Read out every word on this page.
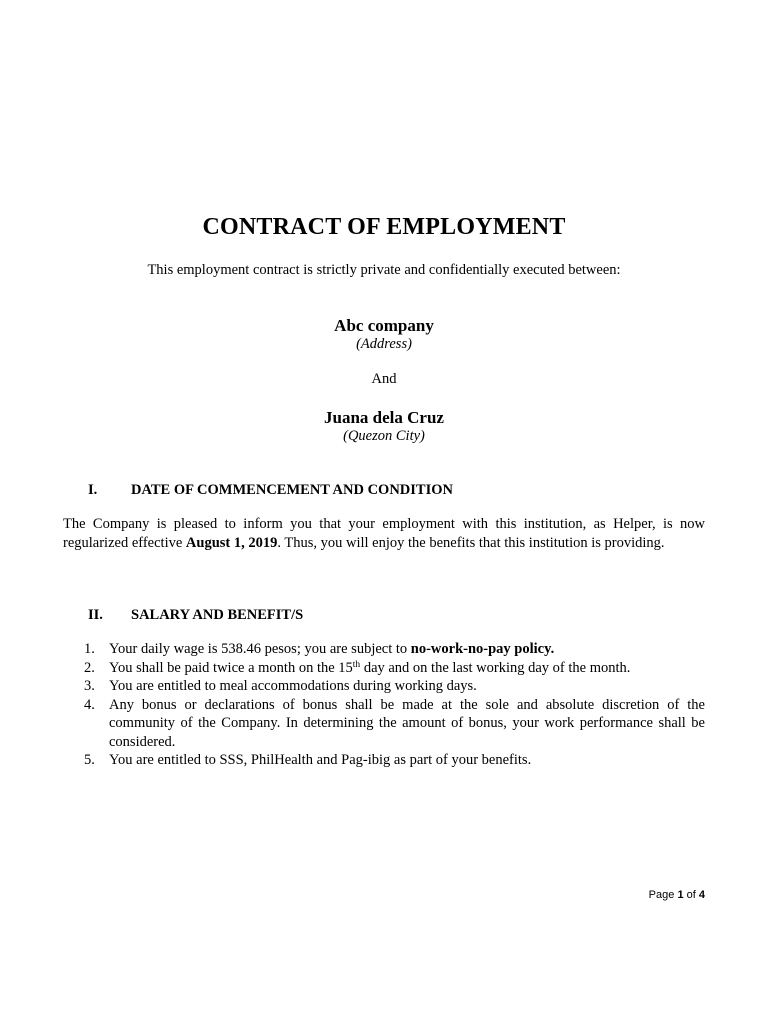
CONTRACT OF EMPLOYMENT
This employment contract is strictly private and confidentially executed between:
Abc company
(Address)
And
Juana dela Cruz
(Quezon City)
I. DATE OF COMMENCEMENT AND CONDITION
The Company is pleased to inform you that your employment with this institution, as Helper, is now regularized effective August 1, 2019. Thus, you will enjoy the benefits that this institution is providing.
II. SALARY AND BENEFIT/S
1. Your daily wage is 538.46 pesos; you are subject to no-work-no-pay policy.
2. You shall be paid twice a month on the 15th day and on the last working day of the month.
3. You are entitled to meal accommodations during working days.
4. Any bonus or declarations of bonus shall be made at the sole and absolute discretion of the community of the Company. In determining the amount of bonus, your work performance shall be considered.
5. You are entitled to SSS, PhilHealth and Pag-ibig as part of your benefits.
Page 1 of 4
